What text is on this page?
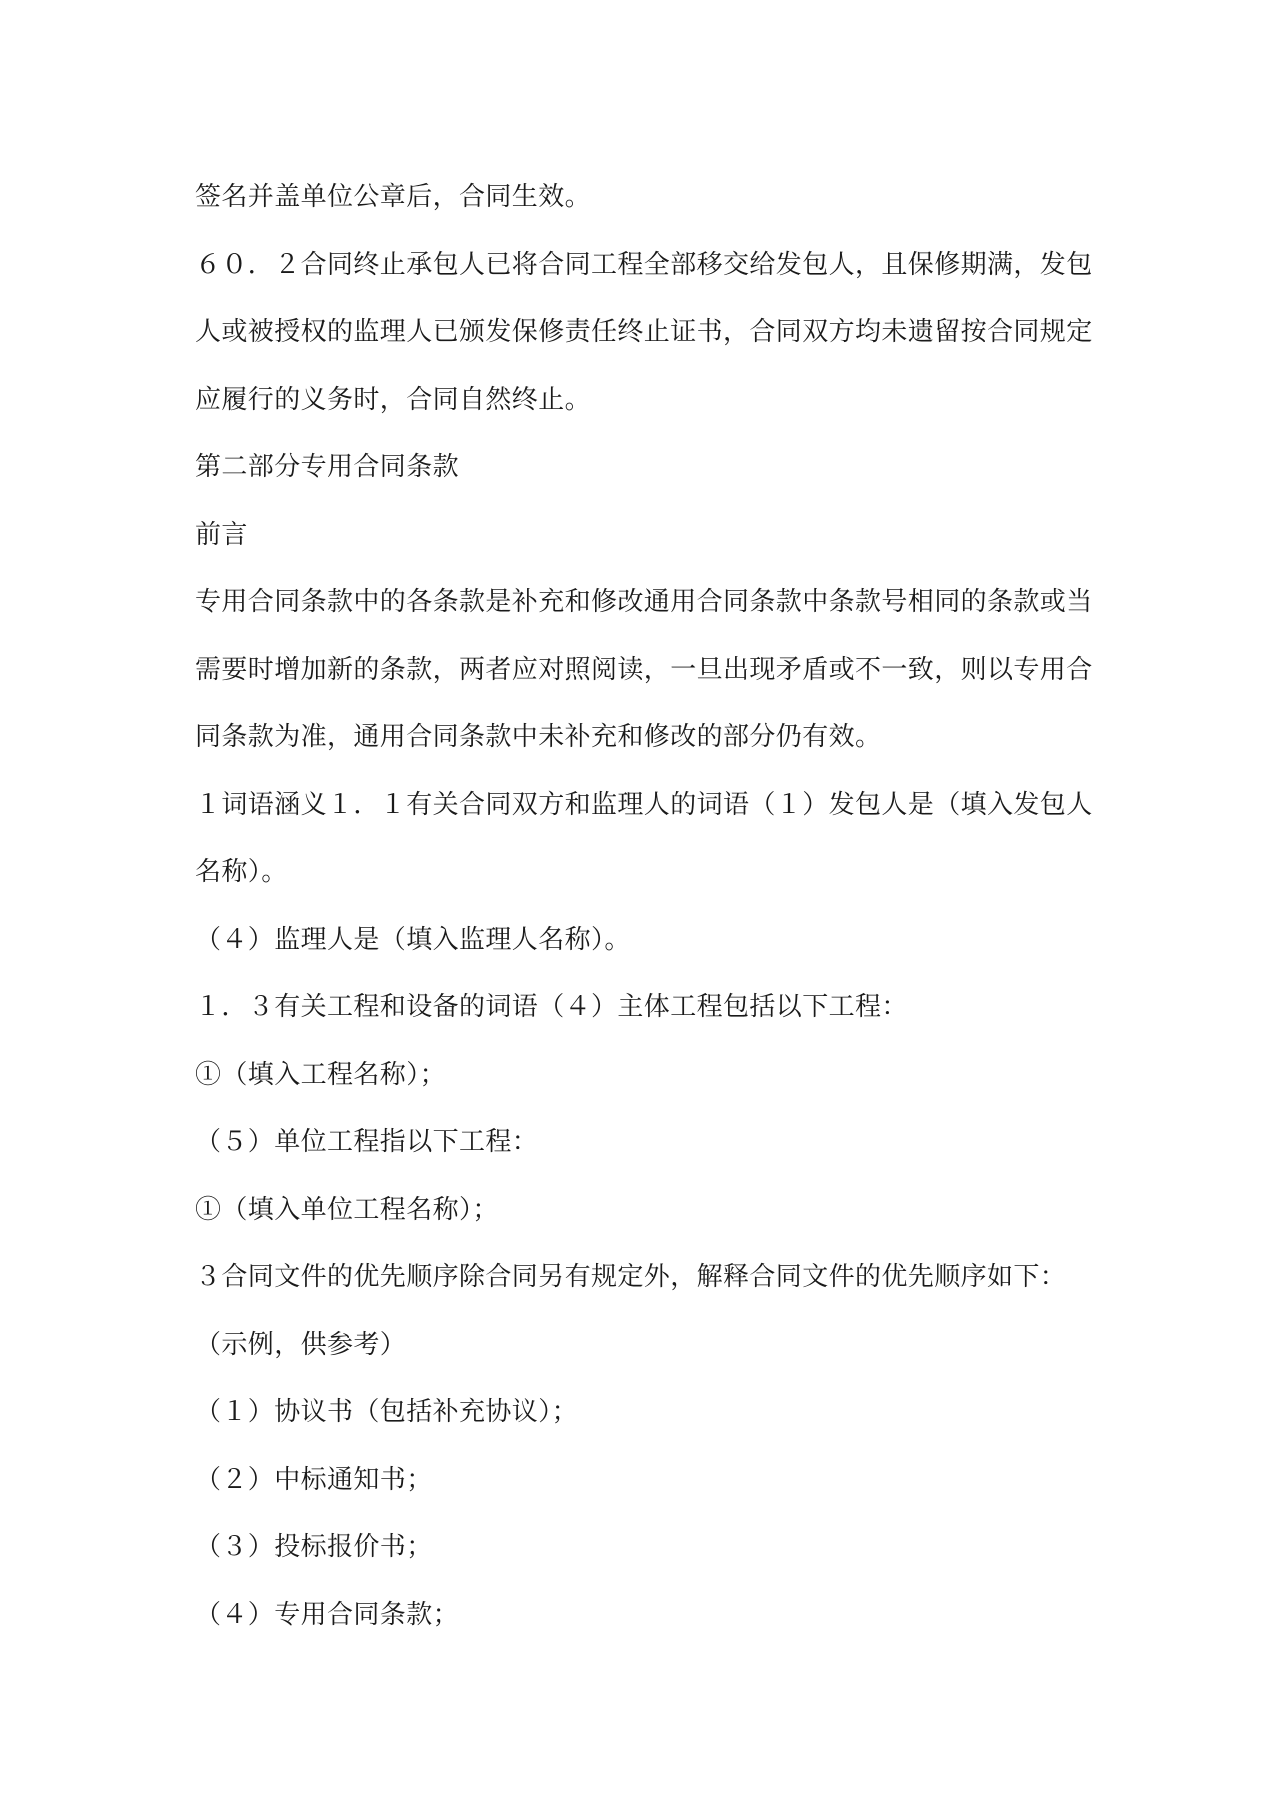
签名并盖单位公章后，合同生效。
６０．２合同终止承包人已将合同工程全部移交给发包人，且保修期满，发包
人或被授权的监理人已颁发保修责任终止证书，合同双方均未遗留按合同规定
应履行的义务时，合同自然终止。
第二部分专用合同条款
前言
专用合同条款中的各条款是补充和修改通用合同条款中条款号相同的条款或当
需要时增加新的条款，两者应对照阅读，一旦出现矛盾或不一致，则以专用合
同条款为准，通用合同条款中未补充和修改的部分仍有效。
１词语涵义１．１有关合同双方和监理人的词语（１）发包人是（填入发包人
名称）。
（４）监理人是（填入监理人名称）。
１．３有关工程和设备的词语（４）主体工程包括以下工程：
①（填入工程名称）；
（５）单位工程指以下工程：
①（填入单位工程名称）；
３合同文件的优先顺序除合同另有规定外，解释合同文件的优先顺序如下：
（示例，供参考）
（１）协议书（包括补充协议）；
（２）中标通知书；
（３）投标报价书；
（４）专用合同条款；
